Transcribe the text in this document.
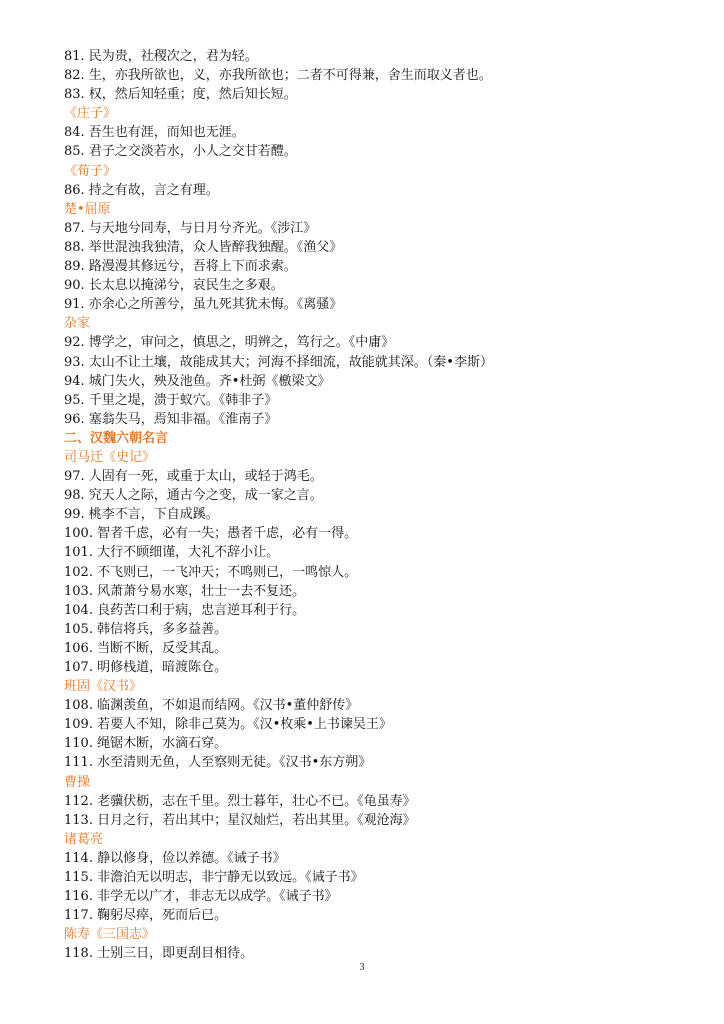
81. 民为贵，社稷次之，君为轻。
82. 生，亦我所欲也，义，亦我所欲也；二者不可得兼，舍生而取义者也。
83. 权，然后知轻重；度，然后知长短。
《庄子》
84. 吾生也有涯，而知也无涯。
85. 君子之交淡若水，小人之交甘若醴。
《荀子》
86. 持之有故，言之有理。
楚•屈原
87. 与天地兮同寿，与日月兮齐光。《涉江》
88. 举世混浊我独清，众人皆醉我独醒。《渔父》
89. 路漫漫其修远兮，吾将上下而求索。
90. 长太息以掩涕兮，哀民生之多艰。
91. 亦余心之所善兮，虽九死其犹未悔。《离骚》
杂家
92. 博学之，审问之，慎思之，明辨之，笃行之。《中庸》
93. 太山不让土壤，故能成其大；河海不择细流，故能就其深。（秦•李斯）
94. 城门失火，殃及池鱼。齐•杜弼《檄梁文》
95. 千里之堤，溃于蚁穴。《韩非子》
96. 塞翁失马，焉知非福。《淮南子》
二、汉魏六朝名言
司马迁《史记》
97. 人固有一死，或重于太山，或轻于鸿毛。
98. 究天人之际，通古今之变，成一家之言。
99. 桃李不言，下自成蹊。
100. 智者千虑，必有一失；愚者千虑，必有一得。
101. 大行不顾细谨，大礼不辞小让。
102. 不飞则已，一飞冲天；不鸣则已，一鸣惊人。
103. 风萧萧兮易水寒，壮士一去不复还。
104. 良药苦口利于病，忠言逆耳利于行。
105. 韩信将兵，多多益善。
106. 当断不断，反受其乱。
107. 明修栈道，暗渡陈仓。
班固《汉书》
108. 临渊羡鱼，不如退而结网。《汉书•董仲舒传》
109. 若要人不知，除非己莫为。《汉•枚乘•上书谏吴王》
110. 绳锯木断，水滴石穿。
111. 水至清则无鱼，人至察则无徒。《汉书•东方朔》
曹操
112. 老骥伏枥，志在千里。烈士暮年，壮心不已。《龟虽寿》
113. 日月之行，若出其中；星汉灿烂，若出其里。《观沧海》
诸葛亮
114. 静以修身，俭以养德。《诫子书》
115. 非澹泊无以明志，非宁静无以致远。《诫子书》
116. 非学无以广才，非志无以成学。《诫子书》
117. 鞠躬尽瘁，死而后已。
陈寿《三国志》
118. 士别三日，即更刮目相待。
3
